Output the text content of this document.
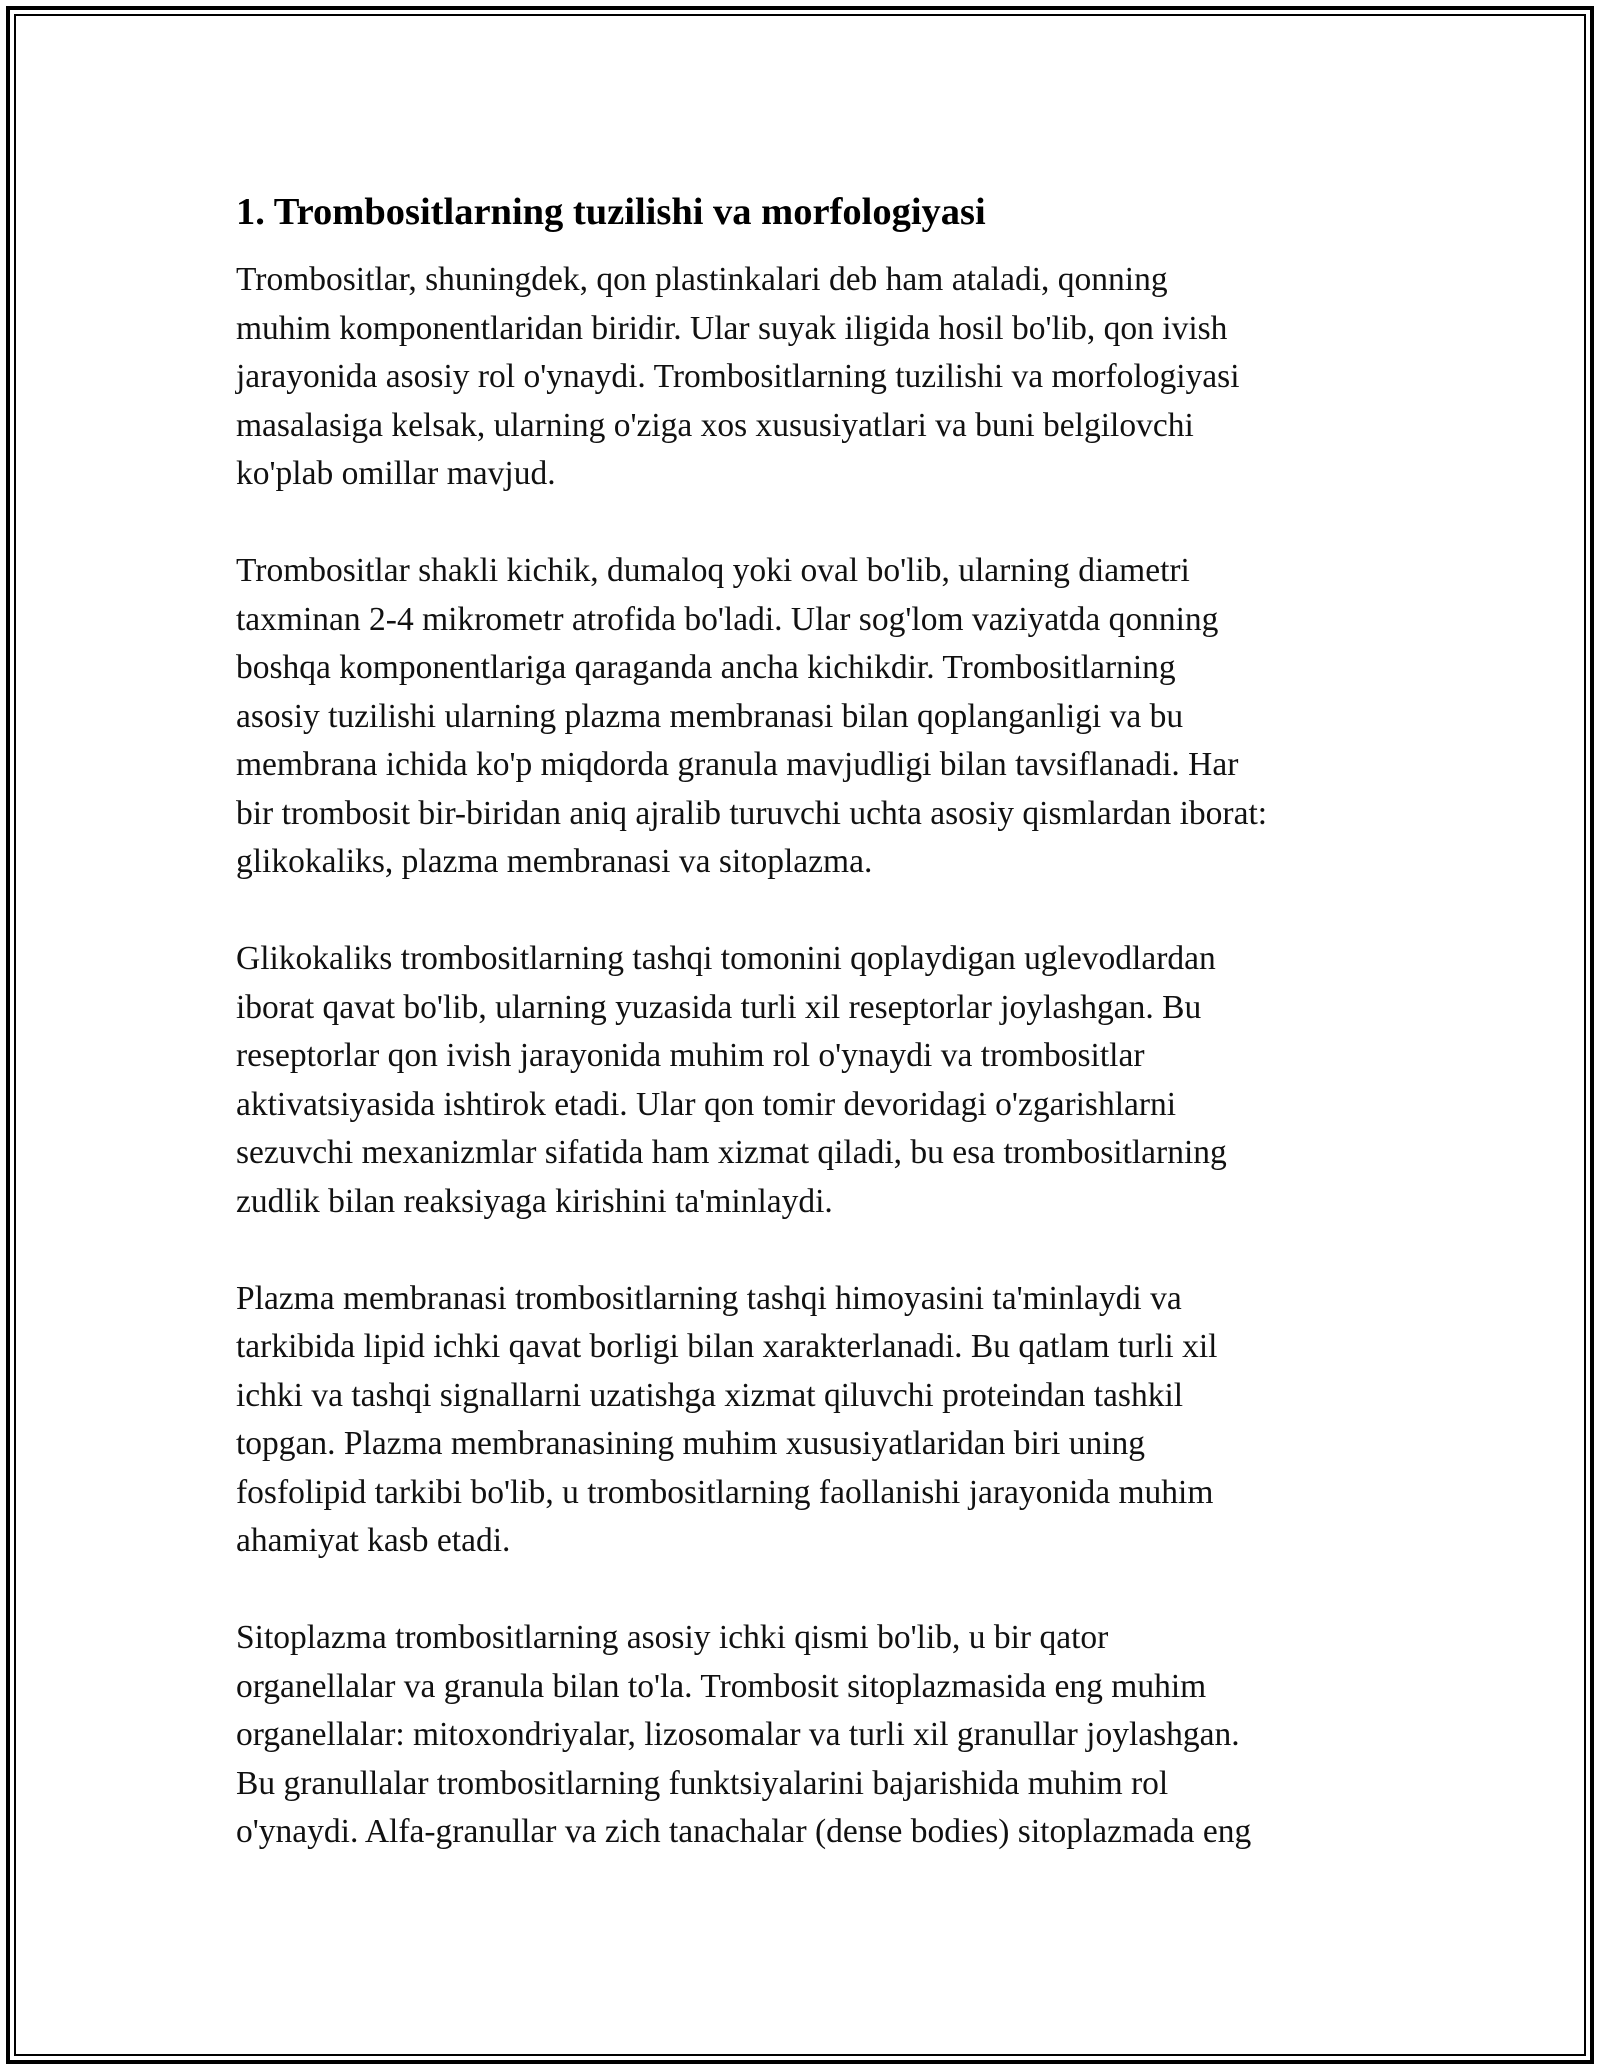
1. Trombositlarning tuzilishi va morfologiyasi

Trombositlar, shuningdek, qon plastinkalari deb ham ataladi, qonning
muhim komponentlaridan biridir. Ular suyak iligida hosil bo'lib, qon ivish
jarayonida asosiy rol o'ynaydi. Trombositlarning tuzilishi va morfologiyasi
masalasiga kelsak, ularning o'ziga xos xususiyatlari va buni belgilovchi
ko'plab omillar mavjud.

Trombositlar shakli kichik, dumaloq yoki oval bo'lib, ularning diametri
taxminan 2-4 mikrometr atrofida bo'ladi. Ular sog'lom vaziyatda qonning
boshqa komponentlariga qaraganda ancha kichikdir. Trombositlarning
asosiy tuzilishi ularning plazma membranasi bilan qoplanganligi va bu
membrana ichida ko'p miqdorda granula mavjudligi bilan tavsiflanadi. Har
bir trombosit bir-biridan aniq ajralib turuvchi uchta asosiy qismlardan iborat:
glikokaliks, plazma membranasi va sitoplazma.

Glikokaliks trombositlarning tashqi tomonini qoplaydigan uglevodlardan
iborat qavat bo'lib, ularning yuzasida turli xil reseptorlar joylashgan. Bu
reseptorlar qon ivish jarayonida muhim rol o'ynaydi va trombositlar
aktivatsiyasida ishtirok etadi. Ular qon tomir devoridagi o'zgarishlarni
sezuvchi mexanizmlar sifatida ham xizmat qiladi, bu esa trombositlarning
zudlik bilan reaksiyaga kirishini ta'minlaydi.

Plazma membranasi trombositlarning tashqi himoyasini ta'minlaydi va
tarkibida lipid ichki qavat borligi bilan xarakterlanadi. Bu qatlam turli xil
ichki va tashqi signallarni uzatishga xizmat qiluvchi proteindan tashkil
topgan. Plazma membranasining muhim xususiyatlaridan biri uning
fosfolipid tarkibi bo'lib, u trombositlarning faollanishi jarayonida muhim
ahamiyat kasb etadi.

Sitoplazma trombositlarning asosiy ichki qismi bo'lib, u bir qator
organellalar va granula bilan to'la. Trombosit sitoplazmasida eng muhim
organellalar: mitoxondriyalar, lizosomalar va turli xil granullar joylashgan.
Bu granullalar trombositlarning funktsiyalarini bajarishida muhim rol
o'ynaydi. Alfa-granullar va zich tanachalar (dense bodies) sitoplazmada eng
